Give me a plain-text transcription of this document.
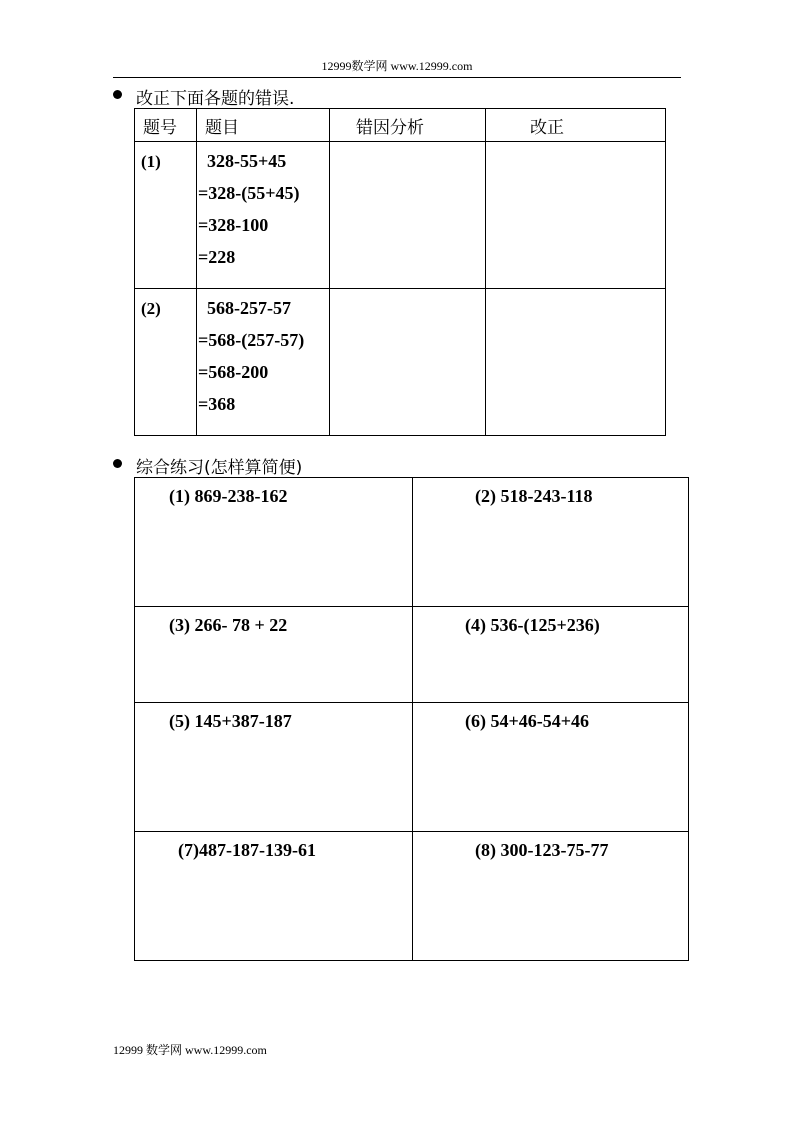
12999数学网 www.12999.com
改正下面各题的错误.
题号	题目	错因分析	改正

(1)	328-55+45
=328-(55+45)
=328-100
=228		

(2)	568-257-57
=568-(257-57)
=568-200
=368		

综合练习(怎样算简便)
(1) 869-238-162	(2) 518-243-118

(3) 266- 78 + 22	(4) 536-(125+236)

(5) 145+387-187	(6) 54+46-54+46

(7)487-187-139-61	(8) 300-123-75-77
12999 数学网 www.12999.com
